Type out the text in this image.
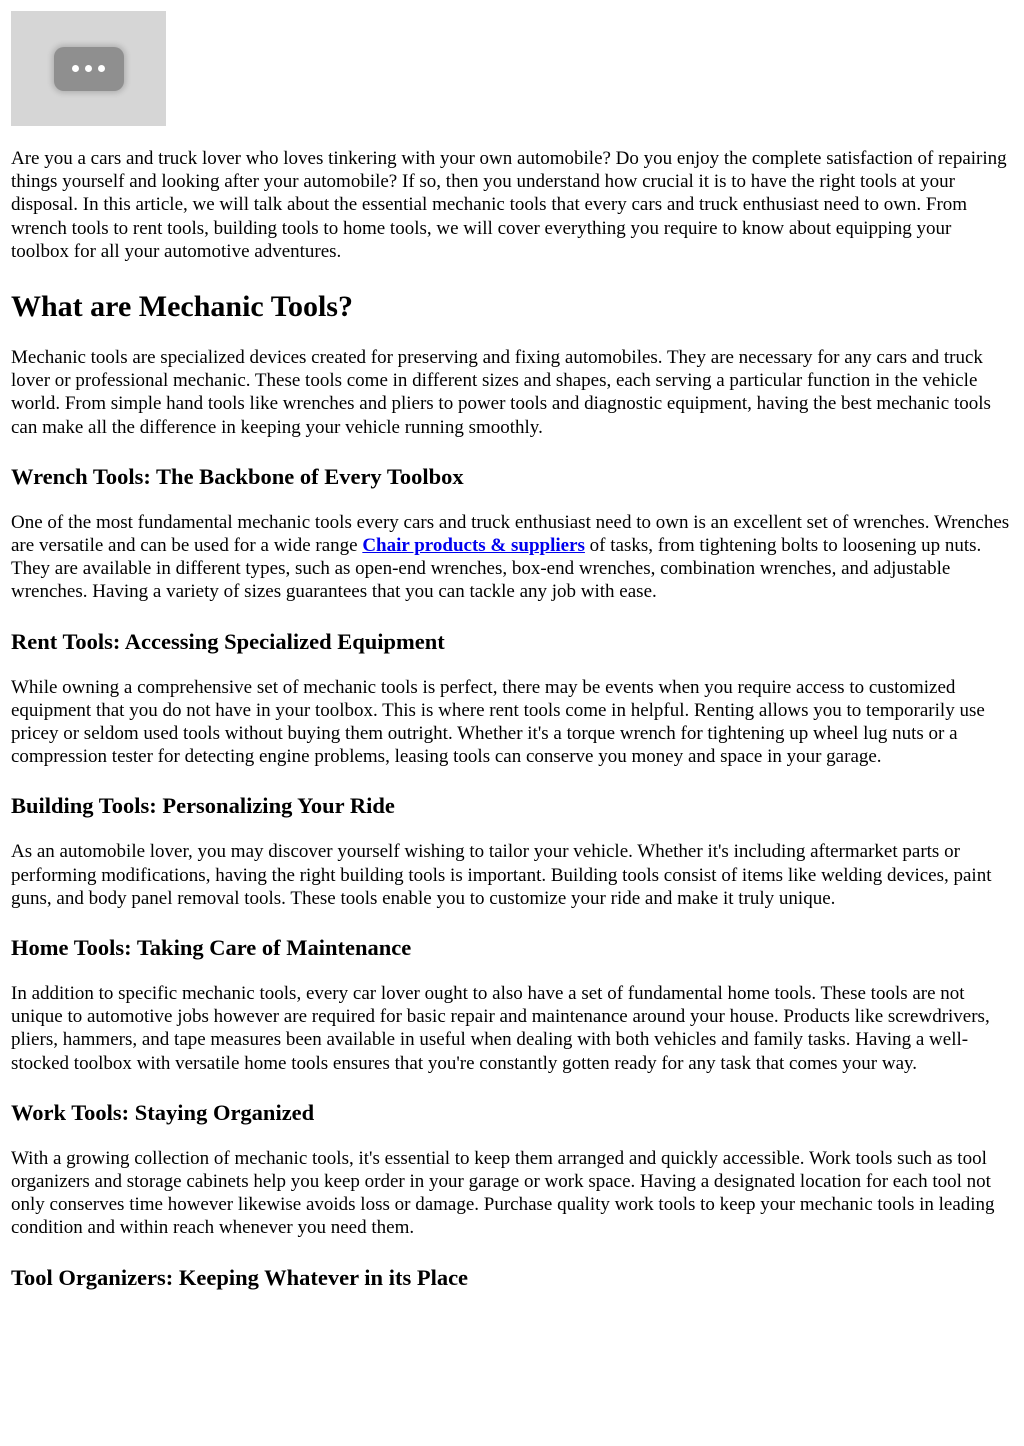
Are you a cars and truck lover who loves tinkering with your own automobile? Do you enjoy the complete satisfaction of repairing things yourself and looking after your automobile? If so, then you understand how crucial it is to have the right tools at your disposal. In this article, we will talk about the essential mechanic tools that every cars and truck enthusiast need to own. From wrench tools to rent tools, building tools to home tools, we will cover everything you require to know about equipping your toolbox for all your automotive adventures.

What are Mechanic Tools?

Mechanic tools are specialized devices created for preserving and fixing automobiles. They are necessary for any cars and truck lover or professional mechanic. These tools come in different sizes and shapes, each serving a particular function in the vehicle world. From simple hand tools like wrenches and pliers to power tools and diagnostic equipment, having the best mechanic tools can make all the difference in keeping your vehicle running smoothly.

Wrench Tools: The Backbone of Every Toolbox

One of the most fundamental mechanic tools every cars and truck enthusiast need to own is an excellent set of wrenches. Wrenches are versatile and can be used for a wide range Chair products & suppliers of tasks, from tightening bolts to loosening up nuts. They are available in different types, such as open-end wrenches, box-end wrenches, combination wrenches, and adjustable wrenches. Having a variety of sizes guarantees that you can tackle any job with ease.

Rent Tools: Accessing Specialized Equipment

While owning a comprehensive set of mechanic tools is perfect, there may be events when you require access to customized equipment that you do not have in your toolbox. This is where rent tools come in helpful. Renting allows you to temporarily use pricey or seldom used tools without buying them outright. Whether it's a torque wrench for tightening up wheel lug nuts or a compression tester for detecting engine problems, leasing tools can conserve you money and space in your garage.

Building Tools: Personalizing Your Ride

As an automobile lover, you may discover yourself wishing to tailor your vehicle. Whether it's including aftermarket parts or performing modifications, having the right building tools is important. Building tools consist of items like welding devices, paint guns, and body panel removal tools. These tools enable you to customize your ride and make it truly unique.

Home Tools: Taking Care of Maintenance

In addition to specific mechanic tools, every car lover ought to also have a set of fundamental home tools. These tools are not unique to automotive jobs however are required for basic repair and maintenance around your house. Products like screwdrivers, pliers, hammers, and tape measures been available in useful when dealing with both vehicles and family tasks. Having a well-stocked toolbox with versatile home tools ensures that you're constantly gotten ready for any task that comes your way.

Work Tools: Staying Organized

With a growing collection of mechanic tools, it's essential to keep them arranged and quickly accessible. Work tools such as tool organizers and storage cabinets help you keep order in your garage or work space. Having a designated location for each tool not only conserves time however likewise avoids loss or damage. Purchase quality work tools to keep your mechanic tools in leading condition and within reach whenever you need them.

Tool Organizers: Keeping Whatever in its Place
